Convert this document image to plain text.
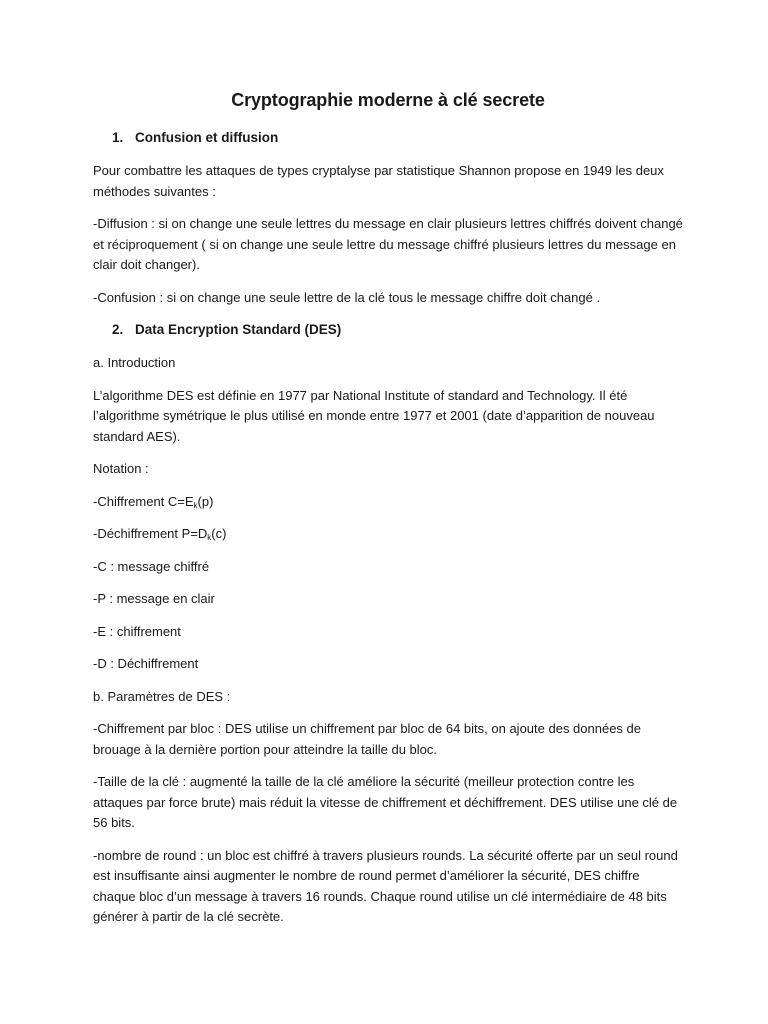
Cryptographie moderne à clé secrete
1. Confusion et diffusion

Pour combattre les attaques de types cryptalyse par statistique Shannon propose en 1949 les deux méthodes suivantes :

-Diffusion : si on change une seule lettres du message en clair plusieurs lettres chiffrés doivent changé et réciproquement ( si on change une seule lettre du message chiffré plusieurs lettres du message en clair doit changer).

-Confusion : si on change une seule lettre de la clé tous le message chiffre doit changé .

2. Data Encryption Standard (DES)

a. Introduction

L’algorithme DES est définie en 1977 par National Institute of standard and Technology. Il été l’algorithme symétrique le plus utilisé en monde entre 1977 et 2001 (date d’apparition de nouveau standard AES).

Notation :

-Chiffrement $C=E_k(p)$

-Déchiffrement $P=D_k(c)$

-C : message chiffré

-P : message en clair

-E : chiffrement

-D : Déchiffrement

b. Paramètres de DES :

-Chiffrement par bloc : DES utilise un chiffrement par bloc de 64 bits, on ajoute des données de brouage à la dernière portion pour atteindre la taille du bloc.

-Taille de la clé : augmenté la taille de la clé améliore la sécurité (meilleur protection contre les attaques par force brute) mais réduit la vitesse de chiffrement et déchiffrement. DES utilise une clé de 56 bits.

-nombre de round : un bloc est chiffré à travers plusieurs rounds. La sécurité offerte par un seul round est insuffisante ainsi augmenter le nombre de round permet d’améliorer la sécurité, DES chiffre chaque bloc d’un message à travers 16 rounds. Chaque round utilise un clé intermédiaire de 48 bits générer à partir de la clé secrète.
